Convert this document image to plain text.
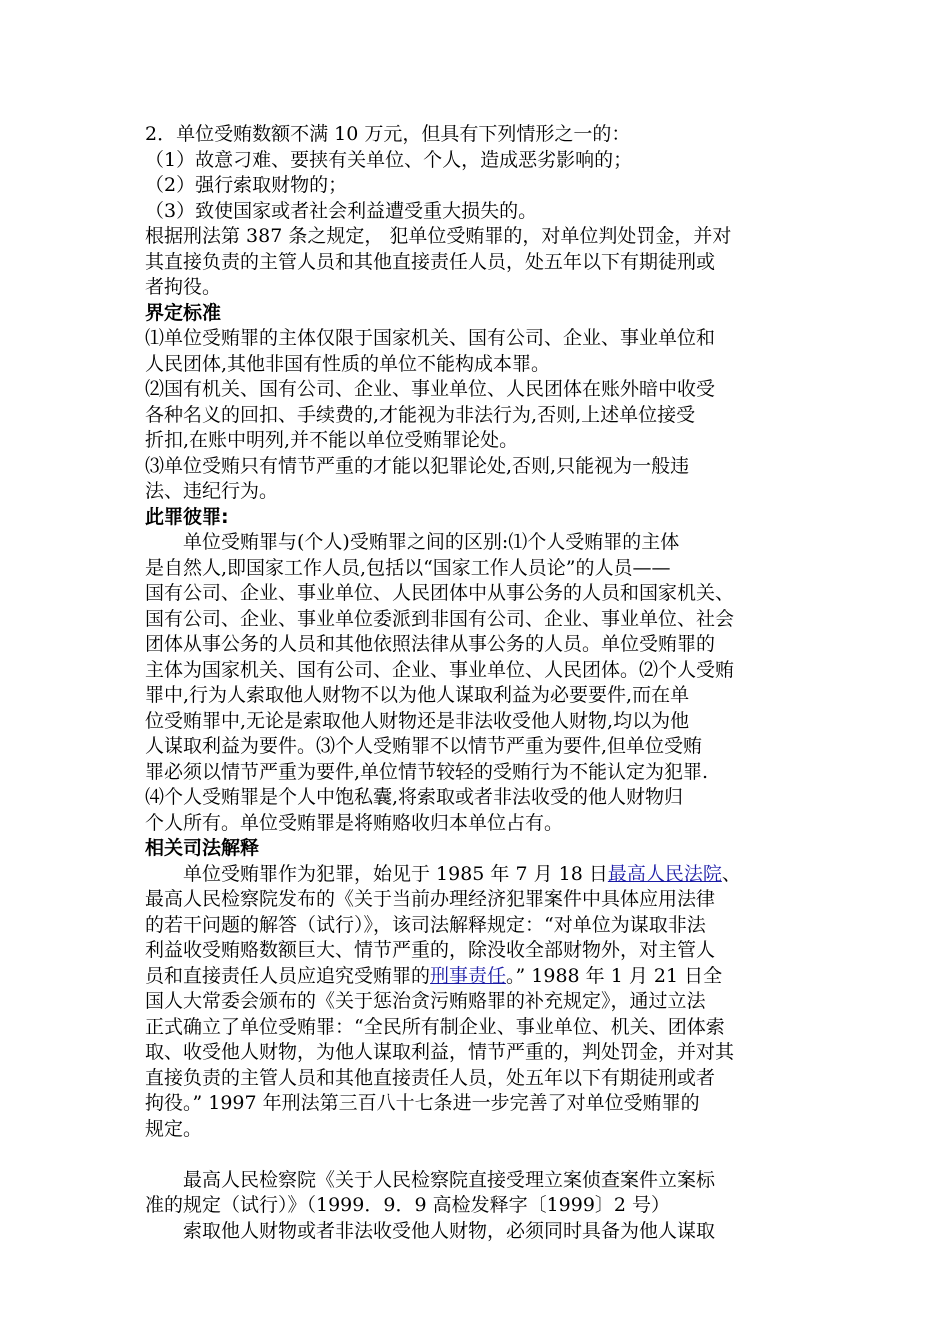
2．单位受贿数额不满 10 万元，但具有下列情形之一的：
（1）故意刁难、要挟有关单位、个人，造成恶劣影响的；
（2）强行索取财物的；
（3）致使国家或者社会利益遭受重大损失的。
根据刑法第 387 条之规定， 犯单位受贿罪的，对单位判处罚金，并对
其直接负责的主管人员和其他直接责任人员，处五年以下有期徒刑或
者拘役。
界定标准
⑴单位受贿罪的主体仅限于国家机关、国有公司、企业、事业单位和
人民团体,其他非国有性质的单位不能构成本罪。
⑵国有机关、国有公司、企业、事业单位、人民团体在账外暗中收受
各种名义的回扣、手续费的,才能视为非法行为,否则,上述单位接受
折扣,在账中明列,并不能以单位受贿罪论处。
⑶单位受贿只有情节严重的才能以犯罪论处,否则,只能视为一般违
法、违纪行为。
此罪彼罪:
单位受贿罪与(个人)受贿罪之间的区别:⑴个人受贿罪的主体
是自然人,即国家工作人员,包括以“国家工作人员论”的人员——
国有公司、企业、事业单位、人民团体中从事公务的人员和国家机关、
国有公司、企业、事业单位委派到非国有公司、企业、事业单位、社会
团体从事公务的人员和其他依照法律从事公务的人员。单位受贿罪的
主体为国家机关、国有公司、企业、事业单位、人民团体。⑵个人受贿
罪中,行为人索取他人财物不以为他人谋取利益为必要要件,而在单
位受贿罪中,无论是索取他人财物还是非法收受他人财物,均以为他
人谋取利益为要件。⑶个人受贿罪不以情节严重为要件,但单位受贿
罪必须以情节严重为要件,单位情节较轻的受贿行为不能认定为犯罪.
⑷个人受贿罪是个人中饱私囊,将索取或者非法收受的他人财物归
个人所有。单位受贿罪是将贿赂收归本单位占有。
相关司法解释
单位受贿罪作为犯罪，始见于 1985 年 7 月 18 日最高人民法院、
最高人民检察院发布的《关于当前办理经济犯罪案件中具体应用法律
的若干问题的解答（试行）》，该司法解释规定：“对单位为谋取非法
利益收受贿赂数额巨大、情节严重的，除没收全部财物外，对主管人
员和直接责任人员应追究受贿罪的刑事责任。” 1988 年 1 月 21 日全
国人大常委会颁布的《关于惩治贪污贿赂罪的补充规定》，通过立法
正式确立了单位受贿罪：“全民所有制企业、事业单位、机关、团体索
取、收受他人财物，为他人谋取利益，情节严重的，判处罚金，并对其
直接负责的主管人员和其他直接责任人员，处五年以下有期徒刑或者
拘役。” 1997 年刑法第三百八十七条进一步完善了对单位受贿罪的
规定。
最高人民检察院《关于人民检察院直接受理立案侦查案件立案标
准的规定（试行）》（1999．9．9 高检发释字〔1999〕2 号）
索取他人财物或者非法收受他人财物，必须同时具备为他人谋取
